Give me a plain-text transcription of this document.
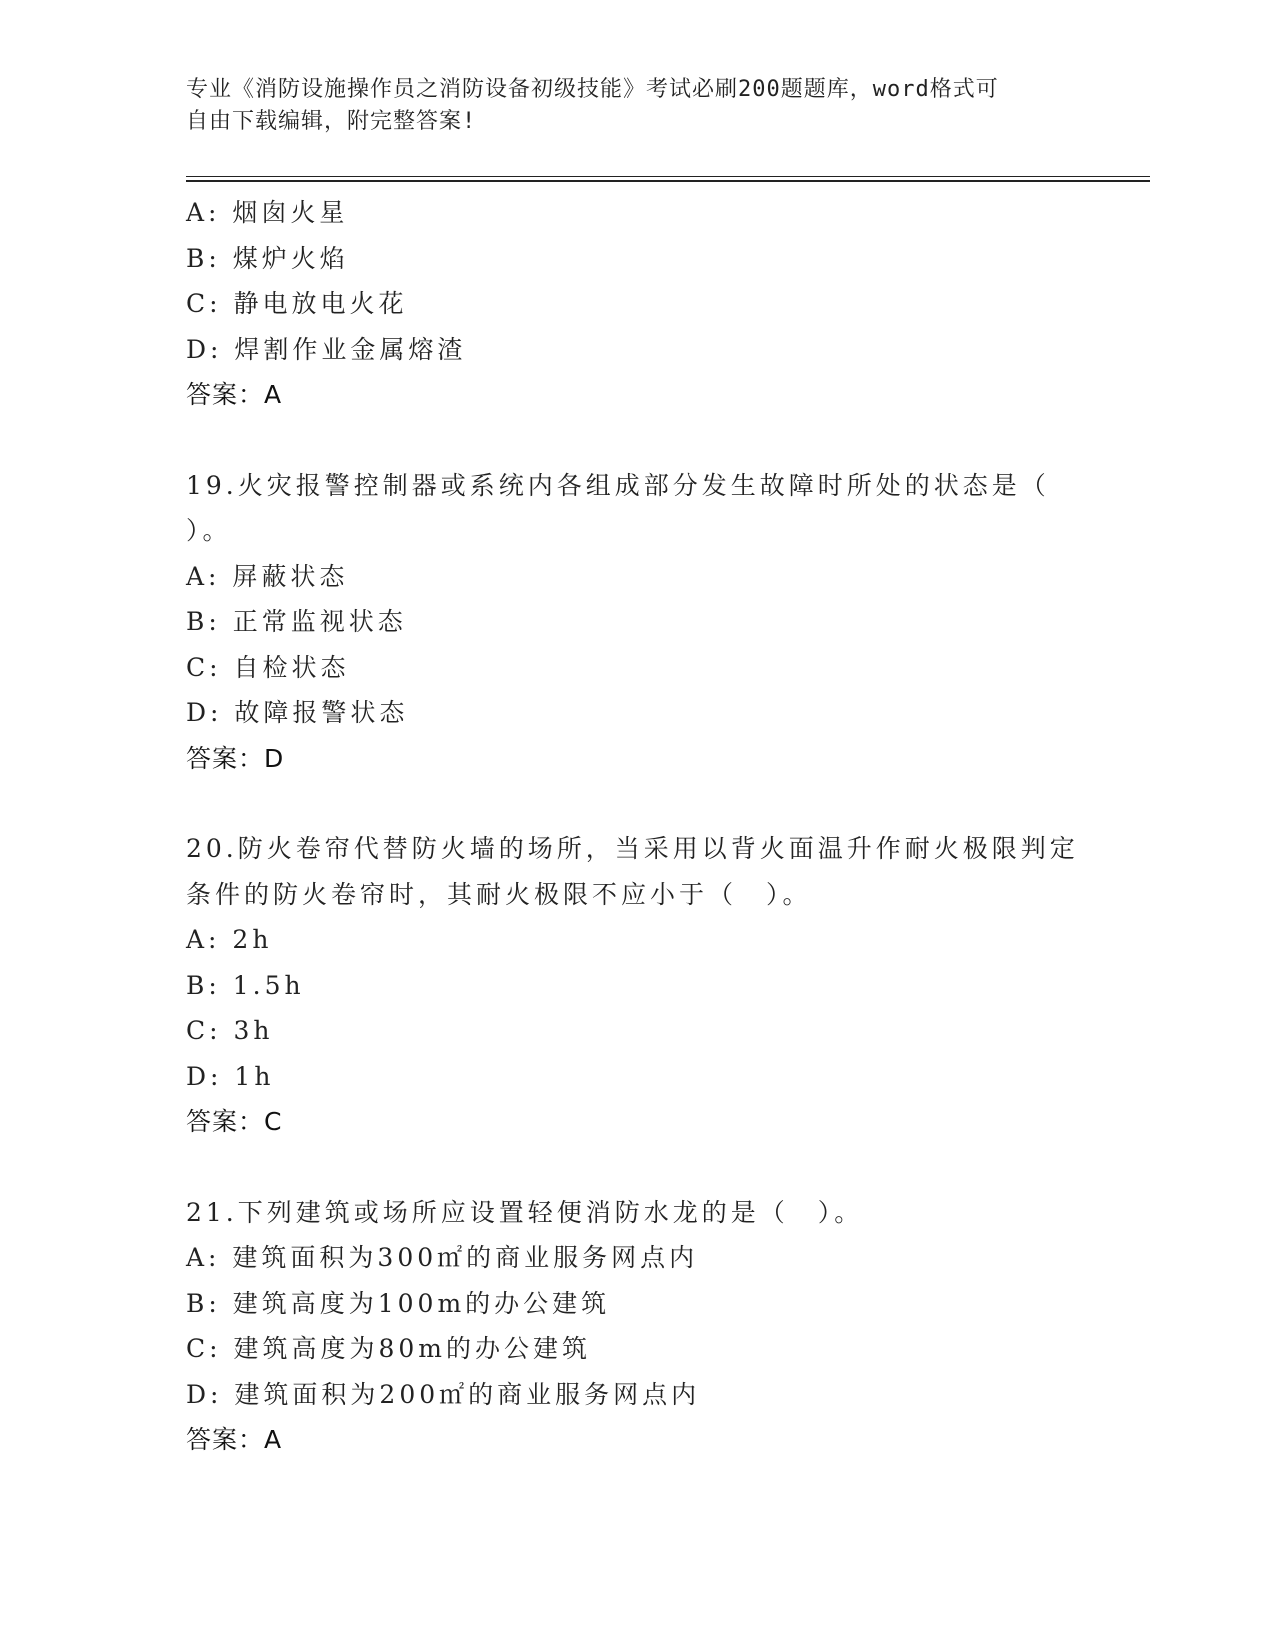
专业《消防设施操作员之消防设备初级技能》考试必刷200题题库，word格式可
自由下载编辑，附完整答案!
A: 烟囱火星
B: 煤炉火焰
C: 静电放电火花
D: 焊割作业金属熔渣
答案：A
19.火灾报警控制器或系统内各组成部分发生故障时所处的状态是（
）。
A: 屏蔽状态
B: 正常监视状态
C: 自检状态
D: 故障报警状态
答案：D
20.防火卷帘代替防火墙的场所，当采用以背火面温升作耐火极限判定
条件的防火卷帘时，其耐火极限不应小于（　）。
A: 2h
B: 1.5h
C: 3h
D: 1h
答案：C
21.下列建筑或场所应设置轻便消防水龙的是（　）。
A: 建筑面积为300㎡的商业服务网点内
B: 建筑高度为100m的办公建筑
C: 建筑高度为80m的办公建筑
D: 建筑面积为200㎡的商业服务网点内
答案：A
